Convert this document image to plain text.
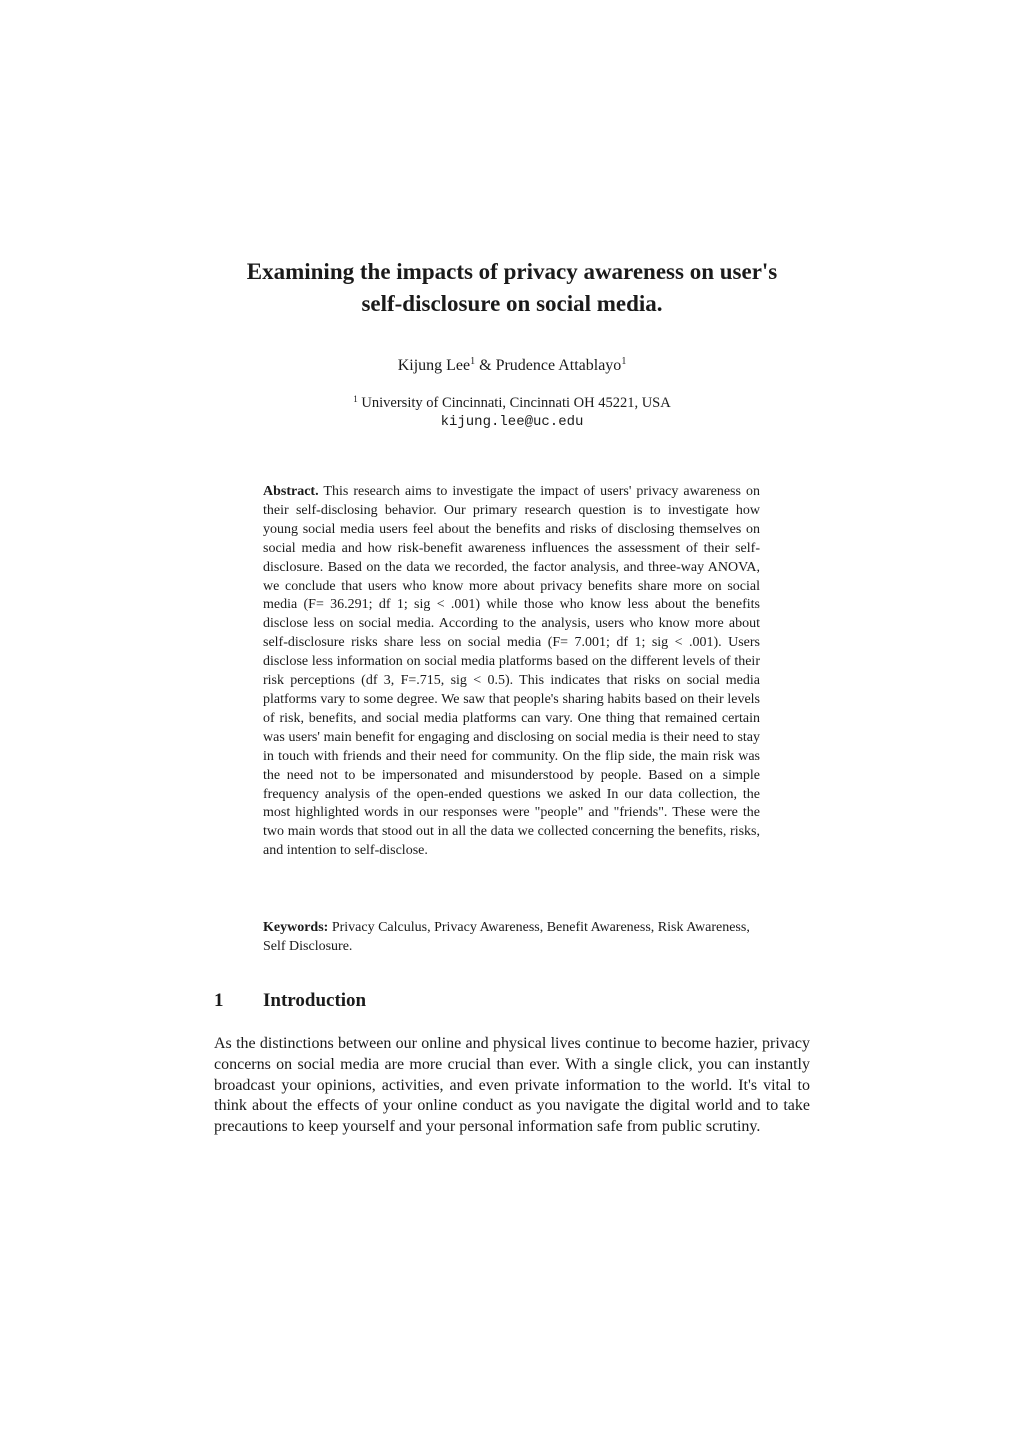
Examining the impacts of privacy awareness on user's
self-disclosure on social media.
Kijung Lee$^1$ & Prudence Attablayo$^1$
$^1$ University of Cincinnati, Cincinnati OH 45221, USA
kijung.lee@uc.edu

Abstract. This research aims to investigate the impact of users' privacy awareness on their self-disclosing behavior. Our primary research question is to investigate how young social media users feel about the benefits and risks of disclosing themselves on social media and how risk-benefit awareness influences the assessment of their self-disclosure. Based on the data we recorded, the factor analysis, and three-way ANOVA, we conclude that users who know more about privacy benefits share more on social media (F= 36.291; df 1; sig < .001) while those who know less about the benefits disclose less on social media. According to the analysis, users who know more about self-disclosure risks share less on social media (F= 7.001; df 1; sig < .001). Users disclose less information on social media platforms based on the different levels of their risk perceptions (df 3, F=.715, sig < 0.5). This indicates that risks on social media platforms vary to some degree. We saw that people's sharing habits based on their levels of risk, benefits, and social media platforms can vary. One thing that remained certain was users' main benefit for engaging and disclosing on social media is their need to stay in touch with friends and their need for community. On the flip side, the main risk was the need not to be impersonated and misunderstood by people. Based on a simple frequency analysis of the open-ended questions we asked In our data collection, the most highlighted words in our responses were "people" and "friends". These were the two main words that stood out in all the data we collected concerning the benefits, risks, and intention to self-disclose.

Keywords: Privacy Calculus, Privacy Awareness, Benefit Awareness, Risk Awareness, Self Disclosure.
1 Introduction

As the distinctions between our online and physical lives continue to become hazier, privacy concerns on social media are more crucial than ever. With a single click, you can instantly broadcast your opinions, activities, and even private information to the world. It's vital to think about the effects of your online conduct as you navigate the digital world and to take precautions to keep yourself and your personal information safe from public scrutiny.
